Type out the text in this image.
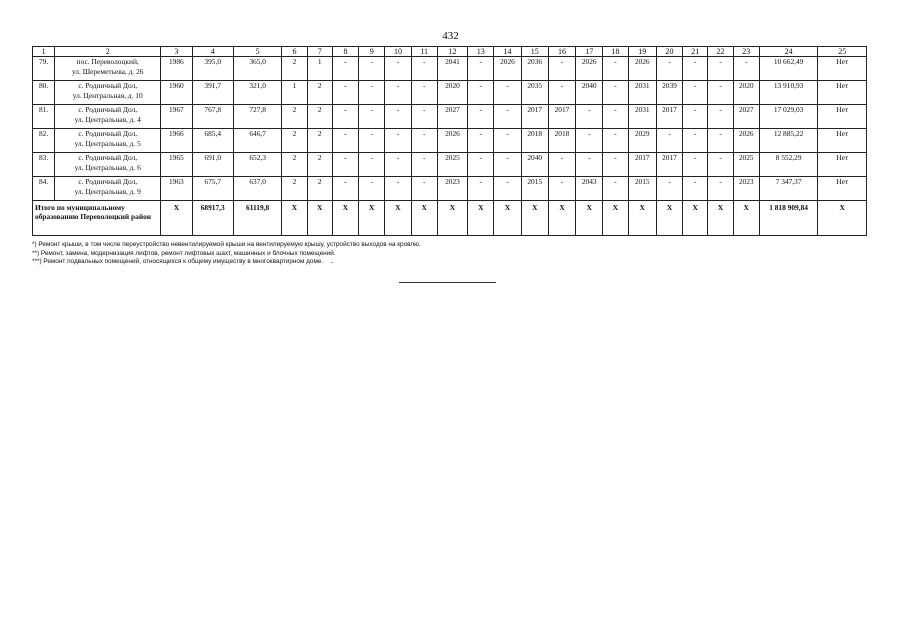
432
1	2	3	4	5	6	7	8	9	10	11	12	13	14	15	16	17	18	19	20	21	22	23	24	25
79.	пос. Переволоцкий,
ул. Шереметьева, д. 26	1986	395,0	365,0	2	1	-	-	-	-	2041	-	2026	2036	-	2026	-	2026	-	-	-	-	10 662,49	Нет
80.	с. Родничный Дол,
ул. Центральная, д. 10	1960	391,7	321,0	1	2	-	-	-	-	2020	-	-	2035	-	2040	-	2031	2039	-	-	2020	13 910,93	Нет
81.	с. Родничный Дол,
ул. Центральная, д. 4	1967	767,8	727,8	2	2	-	-	-	-	2027	-	-	2017	2017	-	-	2031	2017	-	-	2027	17 029,03	Нет
82.	с. Родничный Дол,
ул. Центральная, д. 5	1966	685,4	646,7	2	2	-	-	-	-	2026	-	-	2018	2018	-	-	2029	-	-	-	2026	12 885,22	Нет
83.	с. Родничный Дол,
ул. Центральная, д. 6	1965	691,0	652,3	2	2	-	-	-	-	2025	-	-	2040	-	-	-	2017	2017	-	-	2025	8 552,29	Нет
84.	с. Родничный Дол,
ул. Центральная, д. 9	1963	675,7	637,0	2	2	-	-	-	-	2023	-	-	2015	-	2043	-	2015	-	-	-	2023	7 347,37	Нет
Итого по муниципальному образованию Переволоцкий район		X	68917,3	61119,8	X	X	X	X	X	X	X	X	X	X	X	X	X	X	X	X	X	X	1 818 909,84	X
*) Ремонт крыши, в том числе переустройство невентилируемой крыши на вентилируемую крышу, устройство выходов на кровлю.
**) Ремонт, замена, модернизация лифтов, ремонт лифтовых шахт, машинных и блочных помещений.
***) Ремонт подвальных помещений, относящихся к общему имуществу в многоквартирном доме. .
